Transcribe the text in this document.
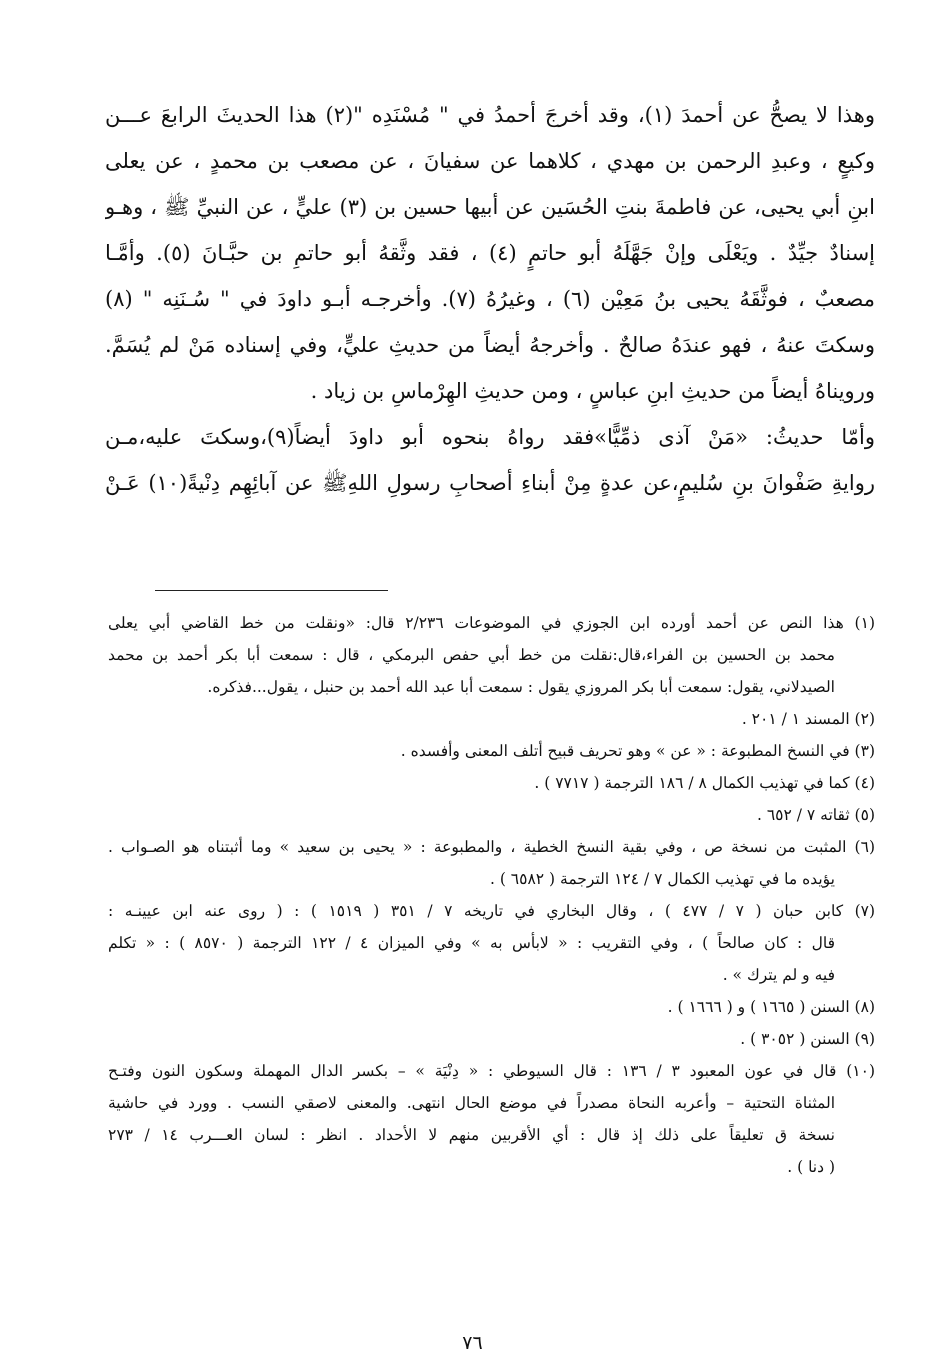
وهذا لا يصحُّ عن أحمدَ (١)، وقد أخرجَ أحمدُ في " مُسْنَدِه "(٢) هذا الحديثَ الرابعَ عـــن
وكيعٍ ، وعبدِ الرحمن بن مهدي ، كلاهما عن سفيانَ ، عن مصعب بن محمدٍ ، عن يعلى
ابنِ أبي يحيى، عن فاطمةَ بنتِ الحُسَين عن أبيها حسين بن (٣) عليٍّ ، عن النبيِّ ﷺ ، وهـو
إسنادٌ جيِّدٌ . ويَعْلَى وإنْ جَهَّلَهُ أبو حاتمٍ (٤) ، فقد وثَّقهُ أبو حاتمِ بن حبَّـانَ (٥). وأمَّـا
مصعبٌ ، فوثَّقَهُ يحيى بنُ مَعِيْن (٦) ، وغيرُهُ (٧). وأخرجـه أبـو داودَ في " سُـنَنِه " (٨)
وسكتَ عنهُ ، فهو عندَهُ صالحٌ . وأخرجهُ أيضاً من حديثِ عليٍّ، وفي إسناده مَنْ لم يُسَمَّ.
ورويناهُ أيضاً من حديثِ ابنِ عباسٍ ، ومن حديثِ الهِرْماسِ بن زياد .
وأمّا حديثُ: «مَنْ آذى ذمِّيًّا»فقد رواهُ بنحوه أبو داودَ أيضاً(٩)،وسكتَ عليه،مـن
روايةِ صَفْوانَ بنِ سُليمٍ،عن عدةٍ مِنْ أبناءِ أصحابِ رسولِ اللهِﷺ عن آبائِهِم دِنْيةً(١٠) عَـنْ
(١) هذا النص عن أحمد أورده ابن الجوزي في الموضوعات ٢/٢٣٦ قال: «ونقلت من خط القاضي أبي يعلى
محمد بن الحسين بن الفراء،قال:نقلت من خط أبي حفص البرمكي ، قال : سمعت أبا بكر أحمد بن محمد
الصيدلاني، يقول: سمعت أبا بكر المروزي يقول : سمعت أبا عبد الله أحمد بن حنبل ، يقول...فذكره.
(٢) المسند ١ / ٢٠١ .
(٣) في النسخ المطبوعة : « عن » وهو تحريف قبيح أتلف المعنى وأفسده .
(٤) كما في تهذيب الكمال ٨ / ١٨٦ الترجمة ( ٧٧١٧ ) .
(٥) ثقاته ٧ / ٦٥٢ .
(٦) المثبت من نسخة ص ، وفي بقية النسخ الخطية ، والمطبوعة : « يحيى بن سعيد » وما أثبتناه هو الصـواب .
يؤيده ما في تهذيب الكمال ٧ / ١٢٤ الترجمة ( ٦٥٨٢ ) .
(٧) كابن حبان ( ٧ / ٤٧٧ ) ، وقال البخاري في تاريخه ٧ / ٣٥١ ( ١٥١٩ ) : ( روى عنه ابن عيينـه :
قال : كان صالحاً ) ، وفي التقريب : « لابأس به » وفي الميزان ٤ / ١٢٢ الترجمة ( ٨٥٧٠ ) : « تكلم
فيه و لم يترك » .
(٨) السنن ( ١٦٦٥ ) و ( ١٦٦٦ ) .
(٩) السنن ( ٣٠٥٢ ) .
(١٠) قال في عون المعبود ٣ / ١٣٦ : قال السيوطي : « دِنْيَة » – بكسر الدال المهملة وسكون النون وفتـح
المثناة التحتية – وأعربه النحاة مصدراً في موضع الحال انتهى. والمعنى لاصقي النسب . وورد في حاشية
نسخة ق تعليقاً على ذلك إذ قال : أي الأقربين منهم لا الأحداد . انظر : لسان العـــرب ١٤ / ٢٧٣
( دنا ) .
٧٦
